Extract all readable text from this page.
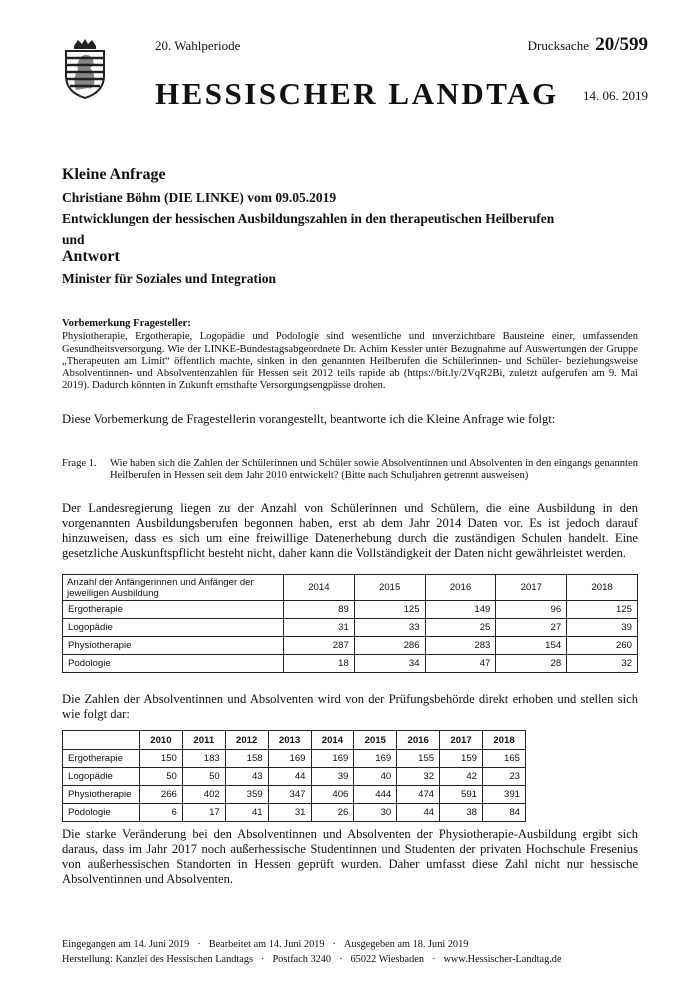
20. Wahlperiode
HESSISCHER LANDTAG
Drucksache 20/599
14. 06. 2019
Kleine Anfrage
Christiane Böhm (DIE LINKE) vom 09.05.2019
Entwicklungen der hessischen Ausbildungszahlen in den therapeutischen Heilberufen
und
Antwort
Minister für Soziales und Integration
Vorbemerkung Fragesteller:
Physiotherapie, Ergotherapie, Logopädie und Podologie sind wesentliche und unverzichtbare Bausteine einer, umfassenden Gesundheitsversorgung. Wie der LINKE-Bundestagsabgeordnete Dr. Achim Kessler unter Bezugnahme auf Auswertungen der Gruppe „Therapeuten am Limit“ öffentlich machte, sinken in den genannten Heilberufen die Schülerinnen- und Schüler- beziehungsweise Absolventinnen- und Absolventenzahlen für Hessen seit 2012 teils rapide ab (https://bit.ly/2VqR2Bi, zuletzt aufgerufen am 9. Mai 2019). Dadurch könnten in Zukunft ernsthafte Versorgungsengpässe drohen.
Diese Vorbemerkung de Fragestellerin vorangestellt, beantworte ich die Kleine Anfrage wie folgt:
Frage 1. Wie haben sich die Zahlen der Schülerinnen und Schüler sowie Absolventinnen und Absolventen in den eingangs genannten Heilberufen in Hessen seit dem Jahr 2010 entwickelt? (Bitte nach Schuljahren getrennt ausweisen)
Der Landesregierung liegen zu der Anzahl von Schülerinnen und Schülern, die eine Ausbildung in den vorgenannten Ausbildungsberufen begonnen haben, erst ab dem Jahr 2014 Daten vor. Es ist jedoch darauf hinzuweisen, dass es sich um eine freiwillige Datenerhebung durch die zuständigen Schulen handelt. Eine gesetzliche Auskunftspflicht besteht nicht, daher kann die Vollständigkeit der Daten nicht gewährleistet werden.
Anzahl der Anfängerinnen und Anfänger der jeweiligen Ausbildung	2014	2015	2016	2017	2018
Ergotherapie	89	125	149	96	125
Logopädie	31	33	25	27	39
Physiotherapie	287	286	283	154	260
Podologie	18	34	47	28	32
Die Zahlen der Absolventinnen und Absolventen wird von der Prüfungsbehörde direkt erhoben und stellen sich wie folgt dar:
	2010	2011	2012	2013	2014	2015	2016	2017	2018
Ergotherapie	150	183	158	169	169	169	155	159	165
Logopädie	50	50	43	44	39	40	32	42	23
Physiotherapie	266	402	359	347	406	444	474	591	391
Podologie	6	17	41	31	26	30	44	38	84
Die starke Veränderung bei den Absolventinnen und Absolventen der Physiotherapie-Ausbildung ergibt sich daraus, dass im Jahr 2017 noch außerhessische Studentinnen und Studenten der privaten Hochschule Fresenius von außerhessischen Standorten in Hessen geprüft wurden. Daher umfasst diese Zahl nicht nur hessische Absolventinnen und Absolventen.
Eingegangen am 14. Juni 2019 · Bearbeitet am 14. Juni 2019 · Ausgegeben am 18. Juni 2019
Herstellung: Kanzlei des Hessischen Landtags · Postfach 3240 · 65022 Wiesbaden · www.Hessischer-Landtag.de
